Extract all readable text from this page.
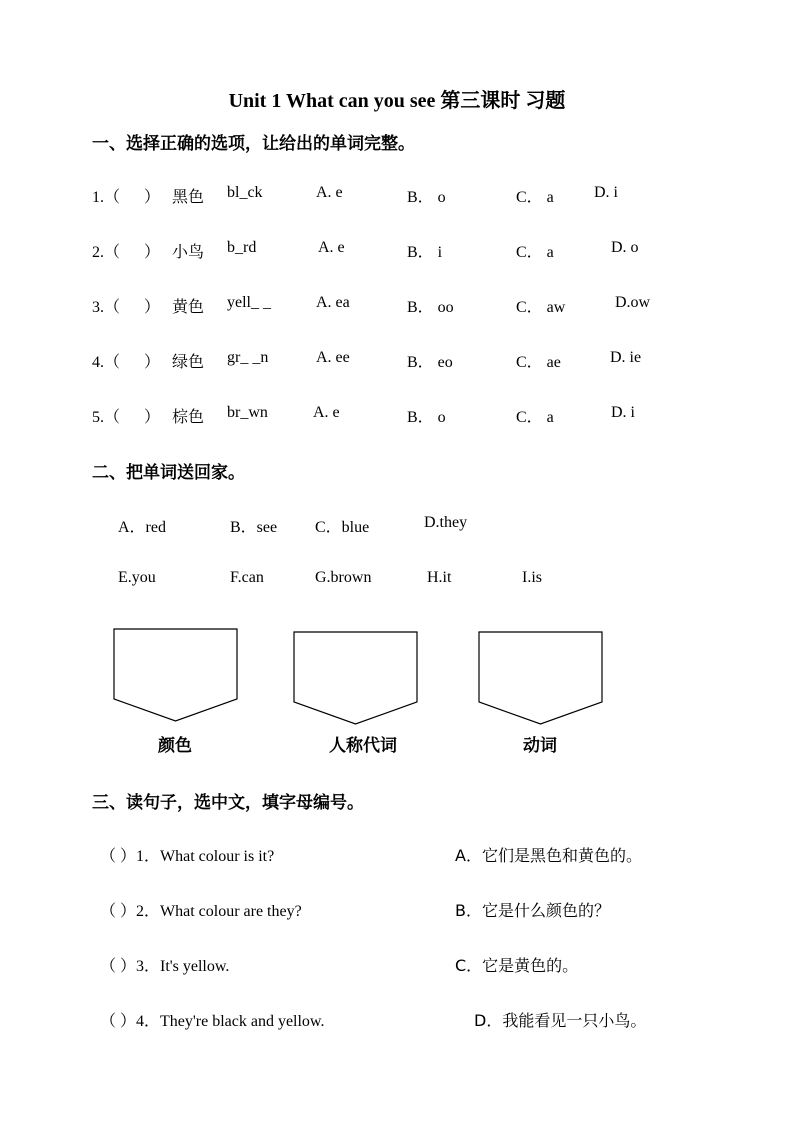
Unit 1 What can you see 第三课时 习题
一、选择正确的选项，让给出的单词完整。
1.（ ） 黑色 bl_ck	A. e	B． o	C． a	D. i
2.（ ） 小鸟 b_rd	A. e	B． i	C． a	D. o
3.（ ） 黄色 yell_ _	A. ea	B． oo	C． aw	D.ow
4.（ ） 绿色 gr_ _n	A. ee	B． eo	C． ae	D. ie
5.（ ） 棕色 br_wn	A. e	B． o	C． a	D. i
二、把单词送回家。
A．red	B．see C．blue	D.they
E.you	F.can	G.brown	H.it	I.is
颜色	人称代词	动词
三、读句子，选中文，填字母编号。
（ ）1．What colour is it?	A．它们是黑色和黄色的。
（ ）2．What colour are they?	B．它是什么颜色的？
（ ）3．It's yellow.	C．它是黄色的。
（ ）4．They're black and yellow.	D．我能看见一只小鸟。
